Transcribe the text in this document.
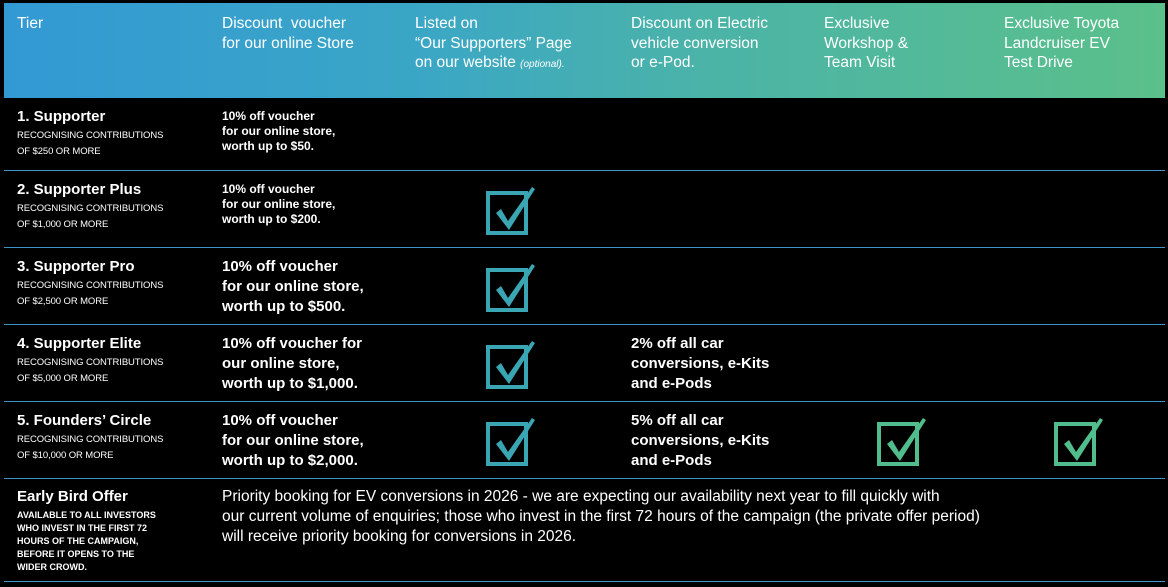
Tier	Discount  voucher
for our online Store
Listed on
“Our Supporters” Page
on our website (optional).
Discount on Electric
vehicle conversion
or e-Pod.
Exclusive
Workshop &
Team Visit
Exclusive Toyota
Landcruiser EV
Test Drive
1. Supporter
RECOGNISING CONTRIBUTIONS
OF $250 OR MORE
10% off voucher
for our online store,
worth up to $50.
2. Supporter Plus
RECOGNISING CONTRIBUTIONS
OF $1,000 OR MORE
10% off voucher
for our online store,
worth up to $200.
3. Supporter Pro
RECOGNISING CONTRIBUTIONS
OF $2,500 OR MORE
10% off voucher
for our online store,
worth up to $500.
4. Supporter Elite
RECOGNISING CONTRIBUTIONS
OF $5,000 OR MORE
10% off voucher for
our online store,
worth up to $1,000.
2% off all car
conversions, e-Kits
and e-Pods
5. Founders’ Circle
RECOGNISING CONTRIBUTIONS
OF $10,000 OR MORE
10% off voucher
for our online store,
worth up to $2,000.
5% off all car
conversions, e-Kits
and e-Pods
Early Bird Offer
AVAILABLE TO ALL INVESTORS
WHO INVEST IN THE FIRST 72
HOURS OF THE CAMPAIGN,
BEFORE IT OPENS TO THE
WIDER CROWD.
Priority booking for EV conversions in 2026 - we are expecting our availability next year to fill quickly with
our current volume of enquiries; those who invest in the first 72 hours of the campaign (the private offer period)
will receive priority booking for conversions in 2026.
